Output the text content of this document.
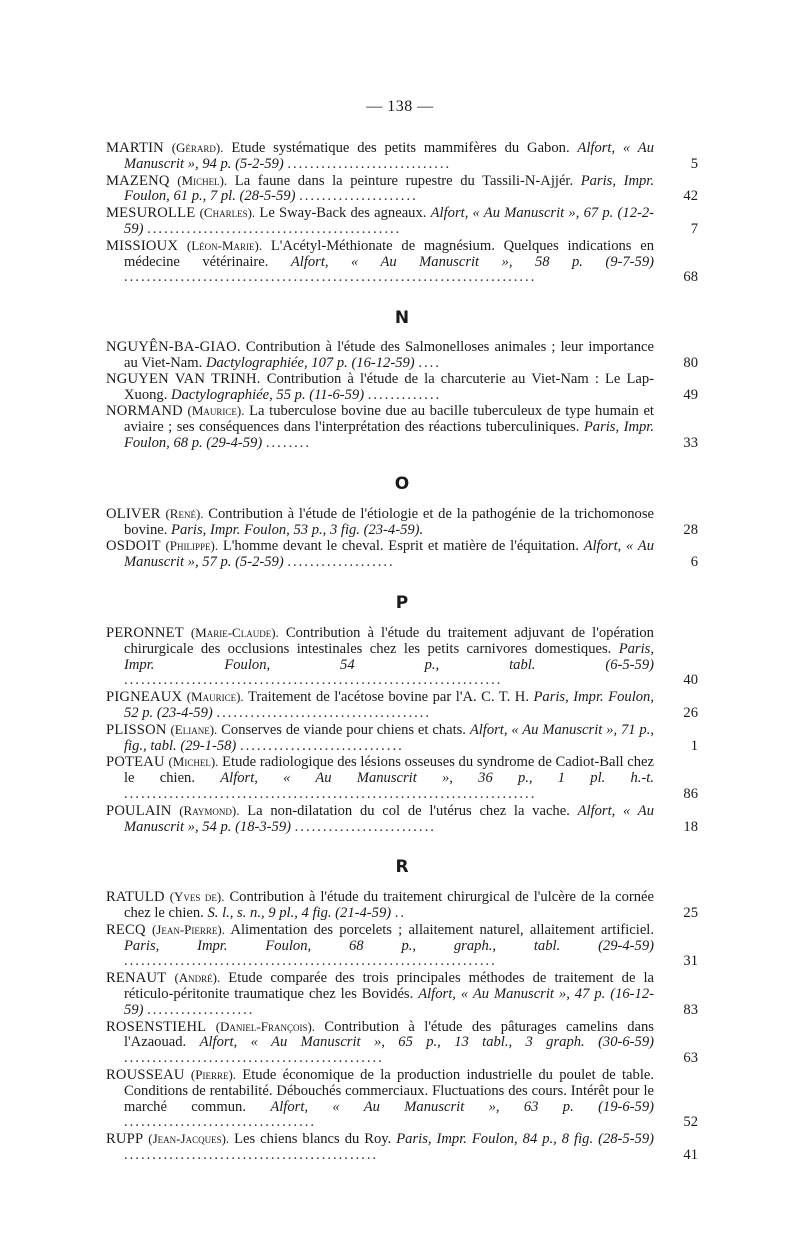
— 138 —

MARTIN (Gérard). Etude systématique des petits mammifères du Gabon. Alfort, « Au Manuscrit », 94 p. (5-2-59) .............................	5

MAZENQ (Michel). La faune dans la peinture rupestre du Tassili-N-Ajjér. Paris, Impr. Foulon, 61 p., 7 pl. (28-5-59) .....................	42

MESUROLLE (Charles). Le Sway-Back des agneaux. Alfort, « Au Manuscrit », 67 p. (12-2-59) .............................................	7

MISSIOUX (Léon-Marie). L'Acétyl-Méthionate de magnésium. Quelques indications en médecine vétérinaire. Alfort, « Au Manuscrit », 58 p. (9-7-59) .........................................................................	68

N

NGUYÊN-BA-GIAO. Contribution à l'étude des Salmonelloses animales ; leur importance au Viet-Nam. Dactylographiée, 107 p. (16-12-59) ....	80

NGUYEN VAN TRINH. Contribution à l'étude de la charcuterie au Viet-Nam : Le Lap-Xuong. Dactylographiée, 55 p. (11-6-59) .............	49

NORMAND (Maurice). La tuberculose bovine due au bacille tuberculeux de type humain et aviaire ; ses conséquences dans l'interprétation des réactions tuberculiniques. Paris, Impr. Foulon, 68 p. (29-4-59) ........	33

O

OLIVER (René). Contribution à l'étude de l'étiologie et de la pathogénie de la trichomonose bovine. Paris, Impr. Foulon, 53 p., 3 fig. (23-4-59).	28

OSDOIT (Philippe). L'homme devant le cheval. Esprit et matière de l'équitation. Alfort, « Au Manuscrit », 57 p. (5-2-59) ...................	6

P

PERONNET (Marie-Claude). Contribution à l'étude du traitement adjuvant de l'opération chirurgicale des occlusions intestinales chez les petits carnivores domestiques. Paris, Impr. Foulon, 54 p., tabl. (6-5-59) ...................................................................	40

PIGNEAUX (Maurice). Traitement de l'acétose bovine par l'A. C. T. H. Paris, Impr. Foulon, 52 p. (23-4-59) ......................................	26

PLISSON (Eliane). Conserves de viande pour chiens et chats. Alfort, « Au Manuscrit », 71 p., fig., tabl. (29-1-58) .............................	1

POTEAU (Michel). Etude radiologique des lésions osseuses du syndrome de Cadiot-Ball chez le chien. Alfort, « Au Manuscrit », 36 p., 1 pl. h.-t. .........................................................................	86

POULAIN (Raymond). La non-dilatation du col de l'utérus chez la vache. Alfort, « Au Manuscrit », 54 p. (18-3-59) .........................	18

R

RATULD (Yves de). Contribution à l'étude du traitement chirurgical de l'ulcère de la cornée chez le chien. S. l., s. n., 9 pl., 4 fig. (21-4-59) ..	25

RECQ (Jean-Pierre). Alimentation des porcelets ; allaitement naturel, allaitement artificiel. Paris, Impr. Foulon, 68 p., graph., tabl. (29-4-59) ..................................................................	31

RENAUT (André). Etude comparée des trois principales méthodes de traitement de la réticulo-péritonite traumatique chez les Bovidés. Alfort, « Au Manuscrit », 47 p. (16-12-59) ...................	83

ROSENSTIEHL (Daniel-François). Contribution à l'étude des pâturages camelins dans l'Azaouad. Alfort, « Au Manuscrit », 65 p., 13 tabl., 3 graph. (30-6-59) ..............................................	63

ROUSSEAU (Pierre). Etude économique de la production industrielle du poulet de table. Conditions de rentabilité. Débouchés commerciaux. Fluctuations des cours. Intérêt pour le marché commun. Alfort, « Au Manuscrit », 63 p. (19-6-59) ..................................	52

RUPP (Jean-Jacques). Les chiens blancs du Roy. Paris, Impr. Foulon, 84 p., 8 fig. (28-5-59) .............................................	41
